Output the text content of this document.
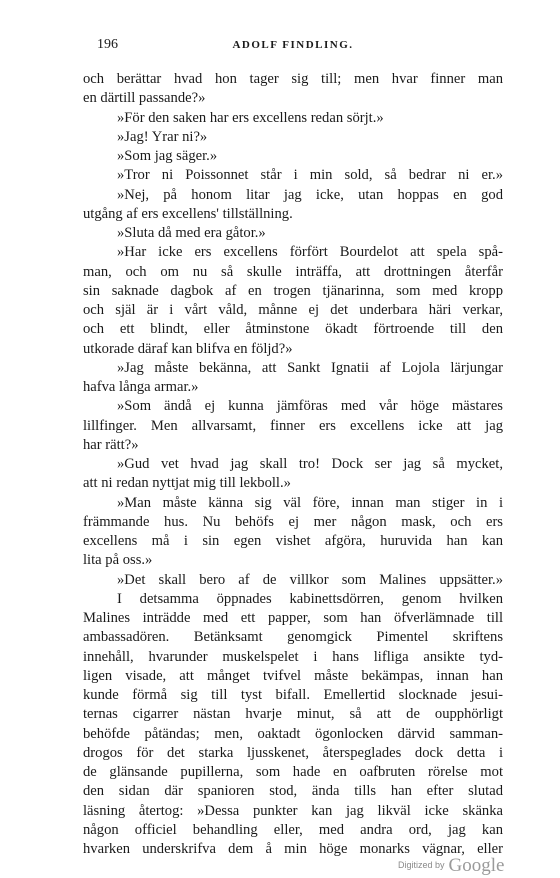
196	ADOLF FINDLING.
och berättar hvad hon tager sig till; men hvar finner man
en därtill passande?»
»För den saken har ers excellens redan sörjt.»
»Jag! Yrar ni?»
»Som jag säger.»
»Tror ni Poissonnet står i min sold, så bedrar ni er.»
»Nej, på honom litar jag icke, utan hoppas en god
utgång af ers excellens' tillställning.
»Sluta då med era gåtor.»
»Har icke ers excellens förfört Bourdelot att spela spå-
man, och om nu så skulle inträffa, att drottningen återfår
sin saknade dagbok af en trogen tjänarinna, som med kropp
och själ är i vårt våld, månne ej det underbara häri verkar,
och ett blindt, eller åtminstone ökadt förtroende till den
utkorade däraf kan blifva en följd?»
»Jag måste bekänna, att Sankt Ignatii af Lojola lärjungar
hafva långa armar.»
»Som ändå ej kunna jämföras med vår höge mästares
lillfinger. Men allvarsamt, finner ers excellens icke att jag
har rätt?»
»Gud vet hvad jag skall tro! Dock ser jag så mycket,
att ni redan nyttjat mig till lekboll.»
»Man måste känna sig väl före, innan man stiger in i
främmande hus. Nu behöfs ej mer någon mask, och ers
excellens må i sin egen vishet afgöra, huruvida han kan
lita på oss.»
»Det skall bero af de villkor som Malines uppsätter.»
I detsamma öppnades kabinettsdörren, genom hvilken
Malines inträdde med ett papper, som han öfverlämnade till
ambassadören. Betänksamt genomgick Pimentel skriftens
innehåll, hvarunder muskelspelet i hans lifliga ansikte tyd-
ligen visade, att månget tvifvel måste bekämpas, innan han
kunde förmå sig till tyst bifall. Emellertid slocknade jesui-
ternas cigarrer nästan hvarje minut, så att de oupphörligt
behöfde påtändas; men, oaktadt ögonlocken därvid samman-
drogos för det starka ljusskenet, återspeglades dock detta i
de glänsande pupillerna, som hade en oafbruten rörelse mot
den sidan där spanioren stod, ända tills han efter slutad
läsning återtog: »Dessa punkter kan jag likväl icke skänka
någon officiel behandling eller, med andra ord, jag kan
hvarken underskrifva dem å min höge monarks vägnar, eller
Digitized by Google
